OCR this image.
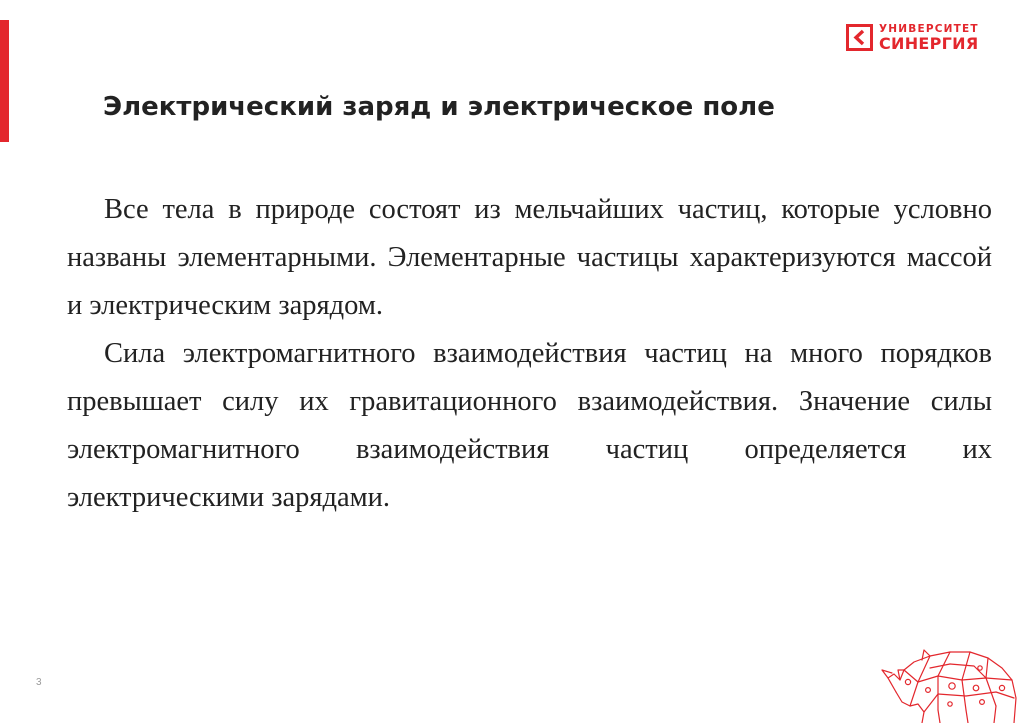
УНИВЕРСИТЕТ
СИНЕРГИЯ
Электрический заряд и электрическое поле

Все тела в природе состоят из мельчайших частиц, которые условно названы элементарными. Элементарные частицы характеризуются массой и электрическим зарядом.

Сила электромагнитного взаимодействия частиц на много порядков превышает силу их гравитационного взаимодействия. Значение силы электромагнитного взаимодействия частиц определяется их электрическими зарядами.

3
